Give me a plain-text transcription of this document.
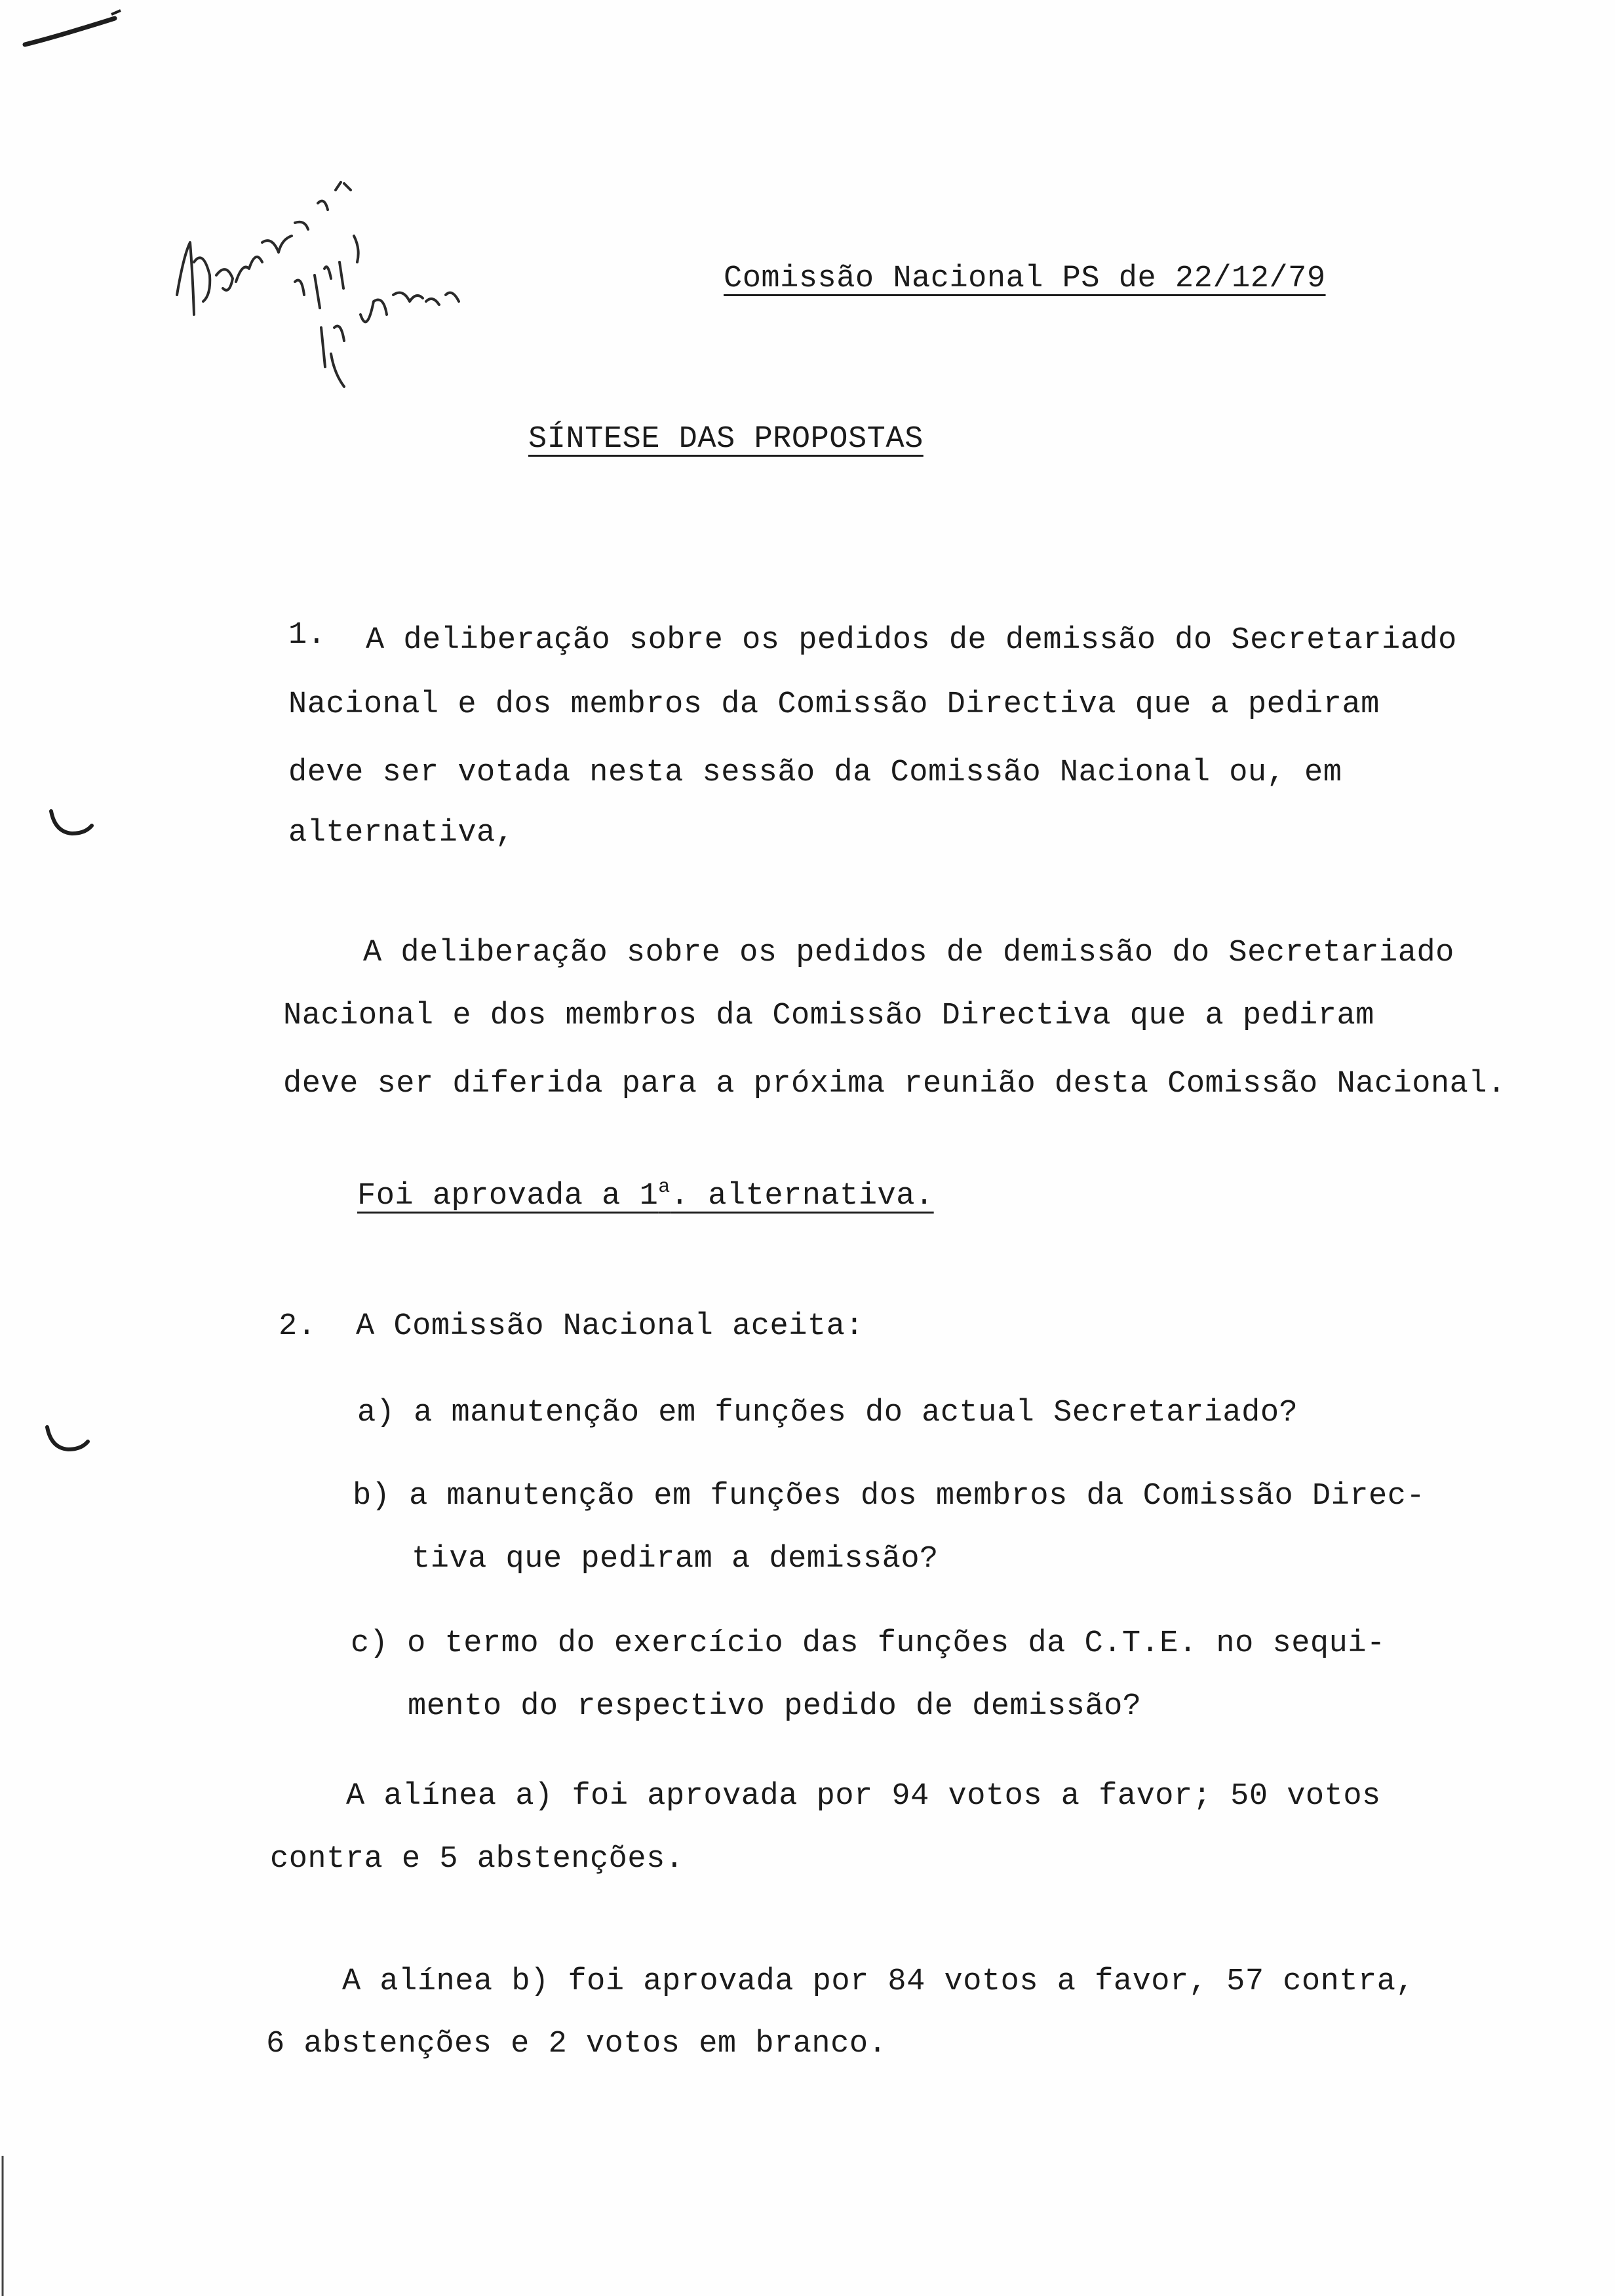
Comissão Nacional PS de 22/12/79
SÍNTESE DAS PROPOSTAS
1. A deliberação sobre os pedidos de demissão do Secretariado
Nacional e dos membros da Comissão Directiva que a pediram
deve ser votada nesta sessão da Comissão Nacional ou, em
alternativa,
A deliberação sobre os pedidos de demissão do Secretariado
Nacional e dos membros da Comissão Directiva que a pediram
deve ser diferida para a próxima reunião desta Comissão Nacional.
Foi aprovada a 1$^a$. alternativa.
2. A Comissão Nacional aceita:
a) a manutenção em funções do actual Secretariado?
b) a manutenção em funções dos membros da Comissão Direc-
tiva que pediram a demissão?
c) o termo do exercício das funções da C.T.E. no sequi-
mento do respectivo pedido de demissão?
A alínea a) foi aprovada por 94 votos a favor; 50 votos
contra e 5 abstenções.
A alínea b) foi aprovada por 84 votos a favor, 57 contra,
6 abstenções e 2 votos em branco.
